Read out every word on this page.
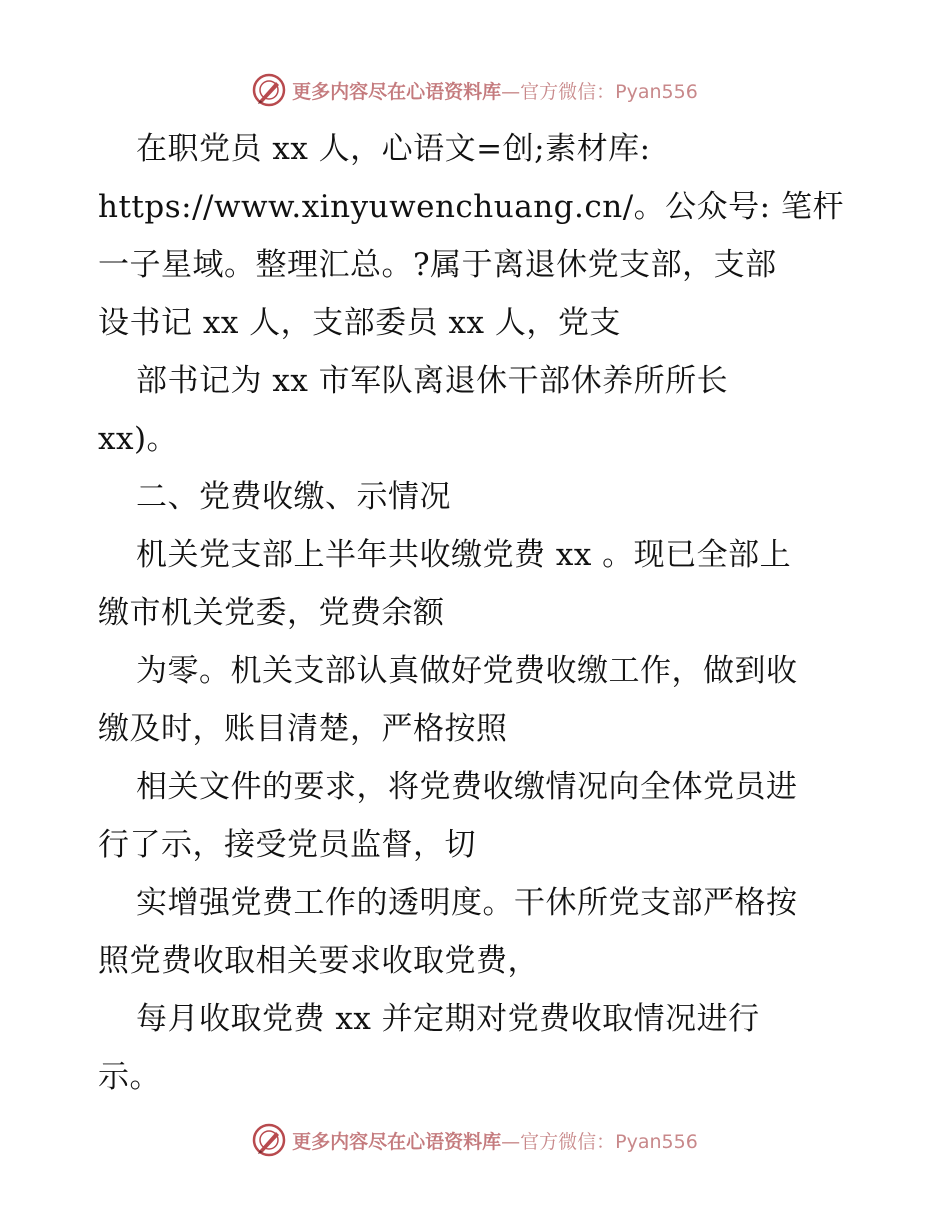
更多内容尽在心语资料库—官方微信：Pyan556
在职党员 xx 人，心语文=创;素材库:
https://www.xinyuwenchuang.cn/。公众号: 笔杆
一子星域。整理汇总。?属于离退休党支部，支部
设书记 xx 人，支部委员 xx 人，党支
部书记为 xx 市军队离退休干部休养所所长
xx)。
二、党费收缴、示情况
机关党支部上半年共收缴党费 xx 。现已全部上
缴市机关党委，党费余额
为零。机关支部认真做好党费收缴工作，做到收
缴及时，账目清楚，严格按照
相关文件的要求，将党费收缴情况向全体党员进
行了示，接受党员监督，切
实增强党费工作的透明度。干休所党支部严格按
照党费收取相关要求收取党费，
每月收取党费 xx 并定期对党费收取情况进行
示。
更多内容尽在心语资料库—官方微信：Pyan556
